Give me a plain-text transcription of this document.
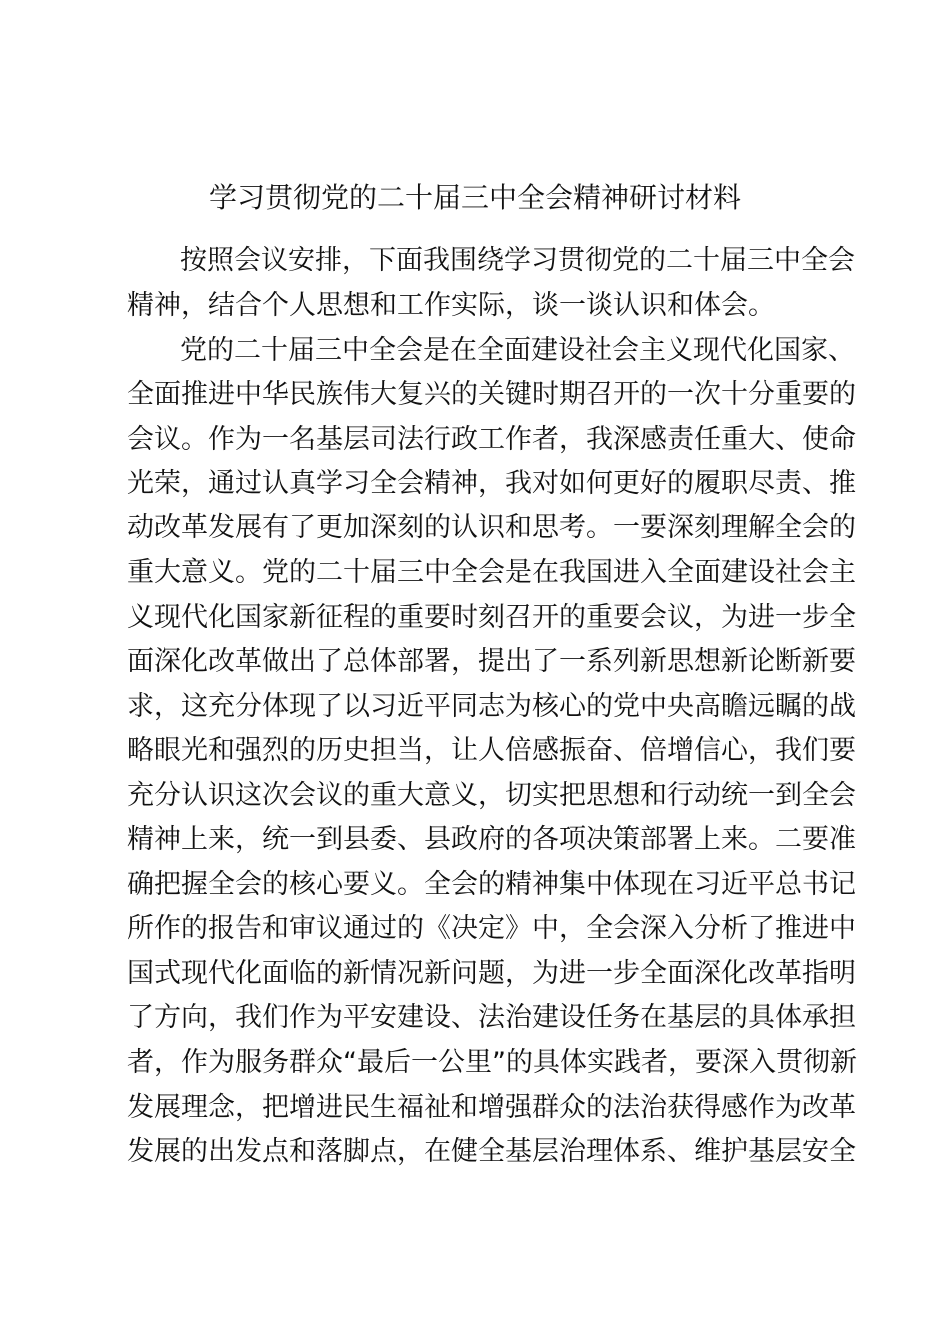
学习贯彻党的二十届三中全会精神研讨材料
按照会议安排，下面我围绕学习贯彻党的二十届三中全会
精神，结合个人思想和工作实际，谈一谈认识和体会。
党的二十届三中全会是在全面建设社会主义现代化国家、
全面推进中华民族伟大复兴的关键时期召开的一次十分重要的
会议。作为一名基层司法行政工作者，我深感责任重大、使命
光荣，通过认真学习全会精神，我对如何更好的履职尽责、推
动改革发展有了更加深刻的认识和思考。一要深刻理解全会的
重大意义。党的二十届三中全会是在我国进入全面建设社会主
义现代化国家新征程的重要时刻召开的重要会议，为进一步全
面深化改革做出了总体部署，提出了一系列新思想新论断新要
求，这充分体现了以习近平同志为核心的党中央高瞻远瞩的战
略眼光和强烈的历史担当，让人倍感振奋、倍增信心，我们要
充分认识这次会议的重大意义，切实把思想和行动统一到全会
精神上来，统一到县委、县政府的各项决策部署上来。二要准
确把握全会的核心要义。全会的精神集中体现在习近平总书记
所作的报告和审议通过的《决定》中，全会深入分析了推进中
国式现代化面临的新情况新问题，为进一步全面深化改革指明
了方向，我们作为平安建设、法治建设任务在基层的具体承担
者，作为服务群众“最后一公里”的具体实践者，要深入贯彻新
发展理念，把增进民生福祉和增强群众的法治获得感作为改革
发展的出发点和落脚点，在健全基层治理体系、维护基层安全
